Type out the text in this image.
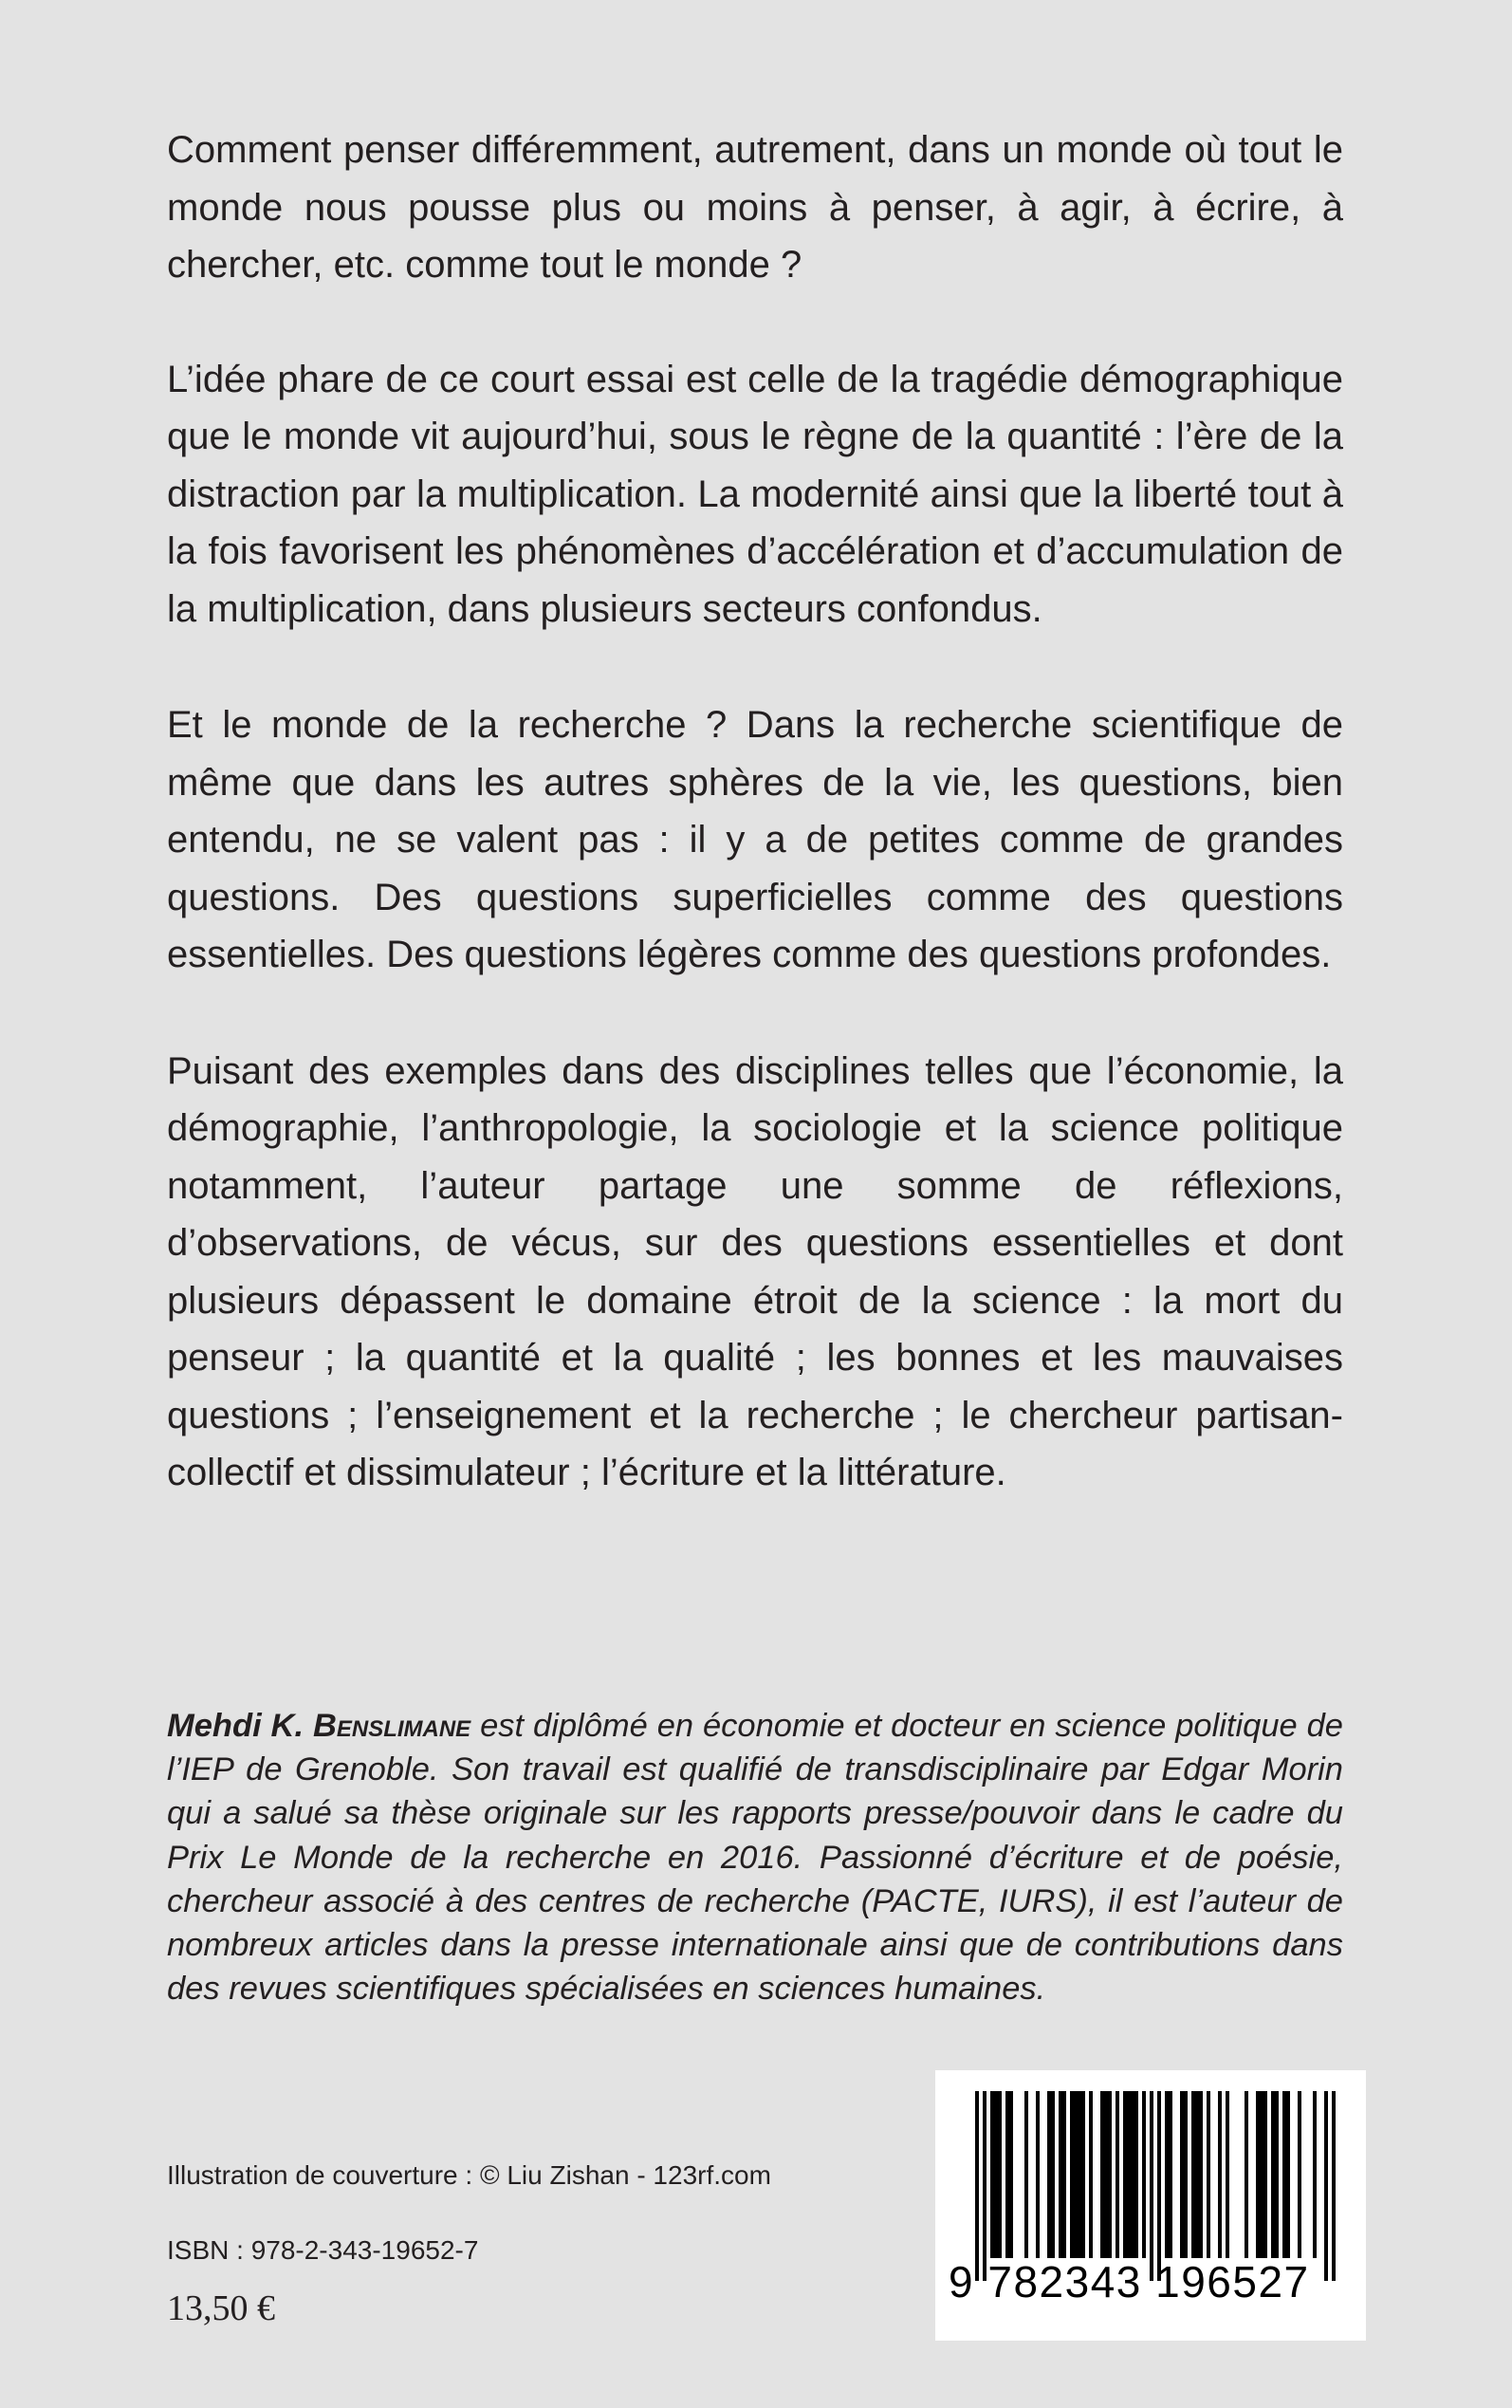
Comment penser différemment, autrement, dans un monde où tout le monde nous pousse plus ou moins à penser, à agir, à écrire, à chercher, etc. comme tout le monde ?

L’idée phare de ce court essai est celle de la tragédie démographique que le monde vit aujourd’hui, sous le règne de la quantité : l’ère de la distraction par la multiplication. La modernité ainsi que la liberté tout à la fois favorisent les phénomènes d’accélération et d’accumulation de la multiplication, dans plusieurs secteurs confondus.

Et le monde de la recherche ? Dans la recherche scientifique de même que dans les autres sphères de la vie, les questions, bien entendu, ne se valent pas : il y a de petites comme de grandes questions. Des questions superficielles comme des questions essentielles. Des questions légères comme des questions profondes.

Puisant des exemples dans des disciplines telles que l’économie, la démographie, l’anthropologie, la sociologie et la science politique notamment, l’auteur partage une somme de réflexions, d’observations, de vécus, sur des questions essentielles et dont plusieurs dépassent le domaine étroit de la science : la mort du penseur ; la quantité et la qualité ; les bonnes et les mauvaises questions ; l’enseignement et la recherche ; le chercheur partisan-collectif et dissimulateur ; l’écriture et la littérature.

Mehdi K. Benslimane est diplômé en économie et docteur en science politique de l’IEP de Grenoble. Son travail est qualifié de transdisciplinaire par Edgar Morin qui a salué sa thèse originale sur les rapports presse/pouvoir dans le cadre du Prix Le Monde de la recherche en 2016. Passionné d’écriture et de poésie, chercheur associé à des centres de recherche (PACTE, IURS), il est l’auteur de nombreux articles dans la presse internationale ainsi que de contributions dans des revues scientifiques spécialisées en sciences humaines.

Illustration de couverture : © Liu Zishan - 123rf.com
ISBN : 978-2-343-19652-7
13,50 €
9 782343 196527
